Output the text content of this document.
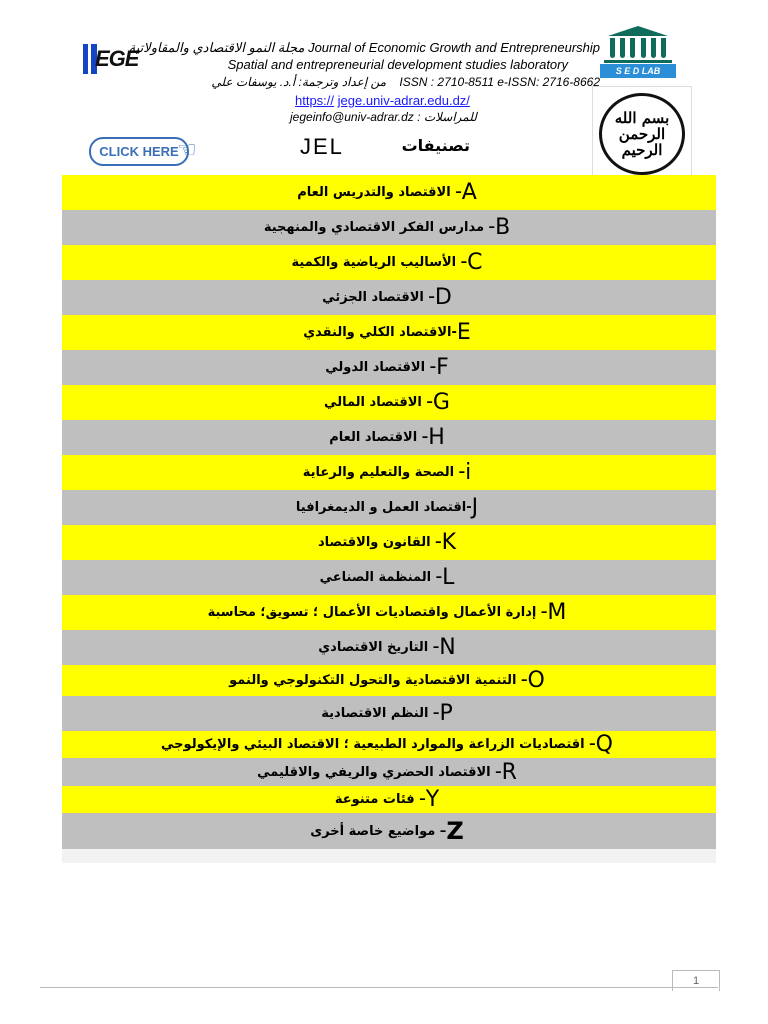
EGE
مجلة النمو الاقتصادي والمقاولاتية Journal of Economic Growth and Entrepreneurship
Spatial and entrepreneurial development studies laboratory
من إعداد وترجمة: أ.د. يوسفات علي ISSN : 2710-8511 e-ISSN: 2716-8662
https:// jege.univ-adrar.edu.dz/
jegeinfo@univ-adrar.dz : للمراسلات
S E D LAB
بسم الله الرحمن الرحيم
CLICK HERE
☜	JEL	تصنيفات
A
– الاقتصاد والتدريس العام
B
– مدارس الفكر الاقتصادي والمنهجية
C
– الأساليب الرياضية والكمية
D
– الاقتصاد الجزئي
E
-الاقتصاد الكلي والنقدي
F
– الاقتصاد الدولي
G
– الاقتصاد المالي
H
– الاقتصاد العام
i
– الصحة والتعليم والرعاية
J
-اقتصاد العمل و الديمغرافيا
K
– القانون والاقتصاد
L
– المنظمة الصناعي
M
– إدارة الأعمال واقتصاديات الأعمال ؛ تسويق؛ محاسبة
N
– التاريخ الاقتصادي
O
– التنمية الاقتصادية والتحول التكنولوجي والنمو
P
– النظم الاقتصادية
Q
– اقتصاديات الزراعة والموارد الطبيعية ؛ الاقتصاد البيئي والإيكولوجي
R
– الاقتصاد الحضري والريفي والاقليمي
Y
– فئات متنوعة
Z
– مواضيع خاصة أخرى
1
